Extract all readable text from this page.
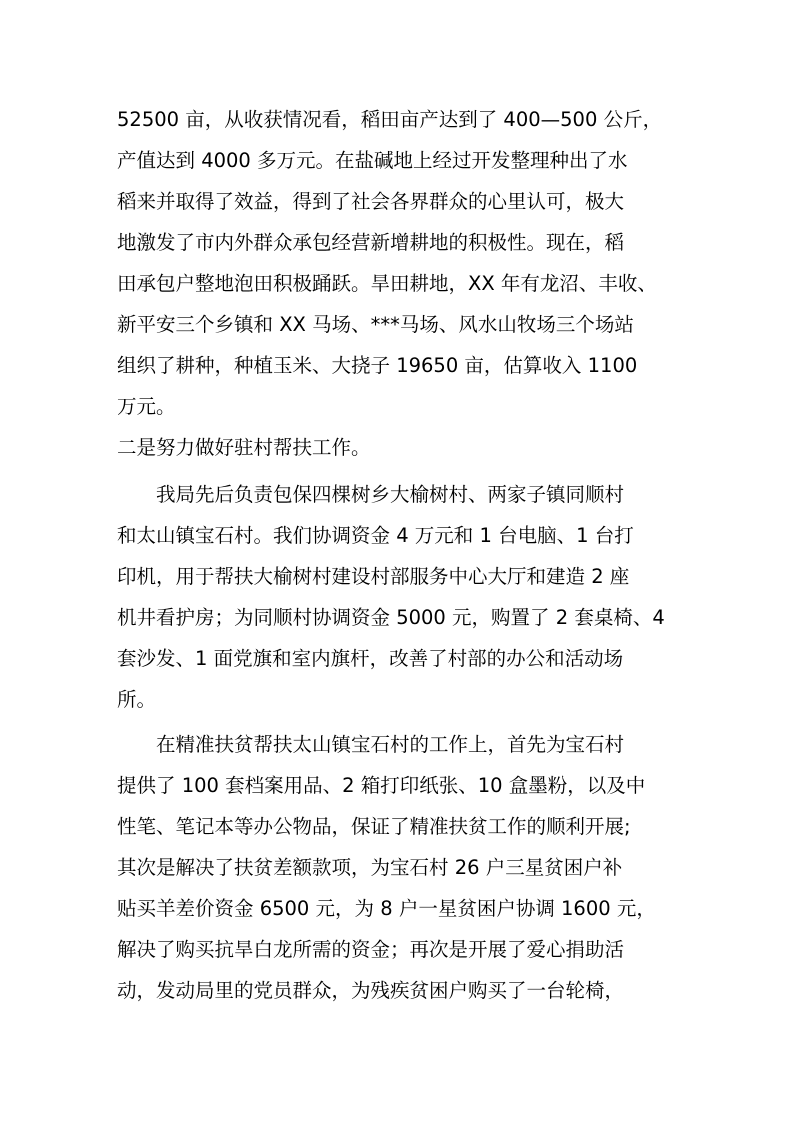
52500 亩，从收获情况看，稻田亩产达到了 400—500 公斤，
产值达到 4000 多万元。在盐碱地上经过开发整理种出了水
稻来并取得了效益，得到了社会各界群众的心里认可，极大
地激发了市内外群众承包经营新增耕地的积极性。现在，稻
田承包户整地泡田积极踊跃。旱田耕地，XX 年有龙沼、丰收、
新平安三个乡镇和 XX 马场、***马场、风水山牧场三个场站
组织了耕种，种植玉米、大挠子 19650 亩，估算收入 1100
万元。
二是努力做好驻村帮扶工作。
我局先后负责包保四棵树乡大榆树村、两家子镇同顺村
和太山镇宝石村。我们协调资金 4 万元和 1 台电脑、1 台打
印机，用于帮扶大榆树村建设村部服务中心大厅和建造 2 座
机井看护房；为同顺村协调资金 5000 元，购置了 2 套桌椅、4
套沙发、1 面党旗和室内旗杆，改善了村部的办公和活动场
所。
在精准扶贫帮扶太山镇宝石村的工作上，首先为宝石村
提供了 100 套档案用品、2 箱打印纸张、10 盒墨粉，以及中
性笔、笔记本等办公物品，保证了精准扶贫工作的顺利开展;
其次是解决了扶贫差额款项，为宝石村 26 户三星贫困户补
贴买羊差价资金 6500 元，为 8 户一星贫困户协调 1600 元，
解决了购买抗旱白龙所需的资金；再次是开展了爱心捐助活
动，发动局里的党员群众，为残疾贫困户购买了一台轮椅，
